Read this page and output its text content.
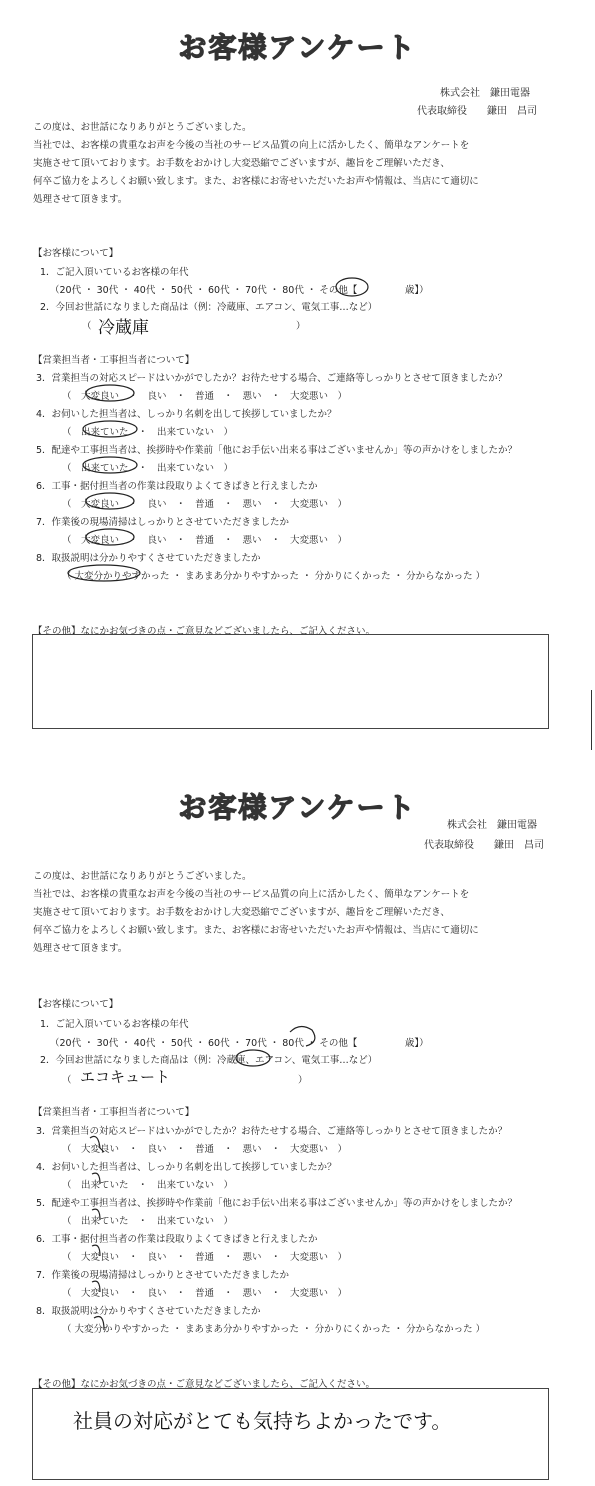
お客様アンケート
株式会社　鎌田電器
代表取締役　　鎌田　昌司
この度は、お世話になりありがとうございました。
当社では、お客様の貴重なお声を今後の当社のサービス品質の向上に活かしたく、簡単なアンケートを
実施させて頂いております。お手数をおかけし大変恐縮でございますが、趣旨をご理解いただき、
何卒ご協力をよろしくお願い致します。また、お客様にお寄せいただいたお声や情報は、当店にて適切に
処理させて頂きます。
【お客様について】
1．ご記入頂いているお客様の年代
（20代 ・ 30代 ・ 40代 ・ 50代 ・ 60代 ・ 70代 ・ 80代 ・ その他【　　　　　歳】）
2．今回お世話になりました商品は（例：冷蔵庫、エアコン、電気工事…など）
（ 冷蔵庫	）
【営業担当者・工事担当者について】
3．営業担当の対応スピードはいかがでしたか？お待たせする場合、ご連絡等しっかりとさせて頂きましたか？
（　大変良い　・　良い　・　普通　・　悪い　・　大変悪い　）
4．お伺いした担当者は、しっかり名刺を出して挨拶していましたか？
（　出来ていた　・　出来ていない　）
5．配達や工事担当者は、挨拶時や作業前「他にお手伝い出来る事はございませんか」等の声かけをしましたか？
（　出来ていた　・　出来ていない　）
6．工事・据付担当者の作業は段取りよくてきぱきと行えましたか
（　大変良い　・　良い　・　普通　・　悪い　・　大変悪い　）
7．作業後の現場清掃はしっかりとさせていただきましたか
（　大変良い　・　良い　・　普通　・　悪い　・　大変悪い　）
8．取扱説明は分かりやすくさせていただきましたか
（ 大変分かりやすかった ・ まあまあ分かりやすかった ・ 分かりにくかった ・ 分からなかった ）
【その他】なにかお気づきの点・ご意見などございましたら、ご記入ください。
お客様アンケート
株式会社　鎌田電器
代表取締役　　鎌田　昌司
この度は、お世話になりありがとうございました。
当社では、お客様の貴重なお声を今後の当社のサービス品質の向上に活かしたく、簡単なアンケートを
実施させて頂いております。お手数をおかけし大変恐縮でございますが、趣旨をご理解いただき、
何卒ご協力をよろしくお願い致します。また、お客様にお寄せいただいたお声や情報は、当店にて適切に
処理させて頂きます。
【お客様について】
1．ご記入頂いているお客様の年代
（20代 ・ 30代 ・ 40代 ・ 50代 ・ 60代 ・ 70代 ・ 80代 ・ その他【　　　　　歳】）
2．今回お世話になりました商品は（例：冷蔵庫、エアコン、電気工事…など）
（ エコキュート	）
【営業担当者・工事担当者について】
3．営業担当の対応スピードはいかがでしたか？お待たせする場合、ご連絡等しっかりとさせて頂きましたか？
（　大変良い　・　良い　・　普通　・　悪い　・　大変悪い　）
4．お伺いした担当者は、しっかり名刺を出して挨拶していましたか？
（　出来ていた　・　出来ていない　）
5．配達や工事担当者は、挨拶時や作業前「他にお手伝い出来る事はございませんか」等の声かけをしましたか？
（　出来ていた　・　出来ていない　）
6．工事・据付担当者の作業は段取りよくてきぱきと行えましたか
（　大変良い　・　良い　・　普通　・　悪い　・　大変悪い　）
7．作業後の現場清掃はしっかりとさせていただきましたか
（　大変良い　・　良い　・　普通　・　悪い　・　大変悪い　）
8．取扱説明は分かりやすくさせていただきましたか
（ 大変分かりやすかった ・ まあまあ分かりやすかった ・ 分かりにくかった ・ 分からなかった ）
【その他】なにかお気づきの点・ご意見などございましたら、ご記入ください。
社員の対応がとても気持ちよかったです。
